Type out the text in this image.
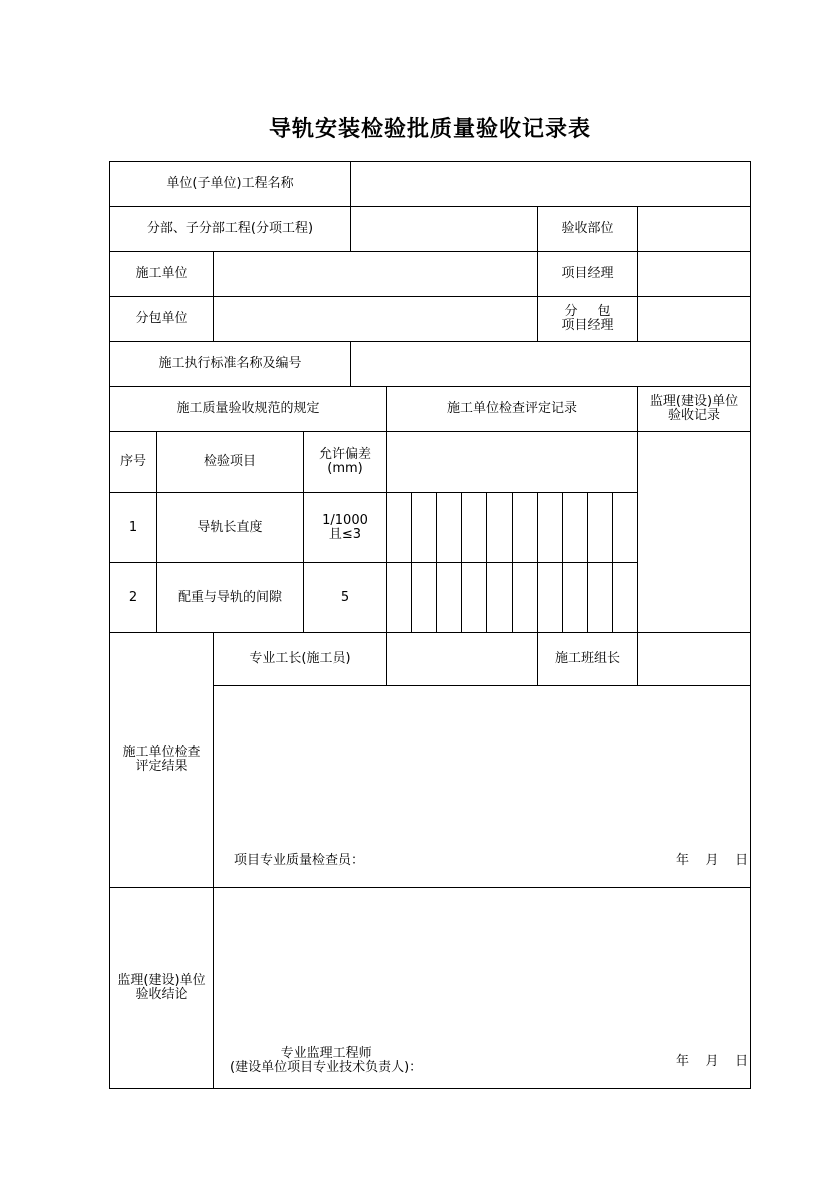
导轨安装检验批质量验收记录表
单位(子单位)工程名称
分部、子分部工程(分项工程)	验收部位
施工单位	项目经理
分包单位	分 包
项目经理
施工执行标准名称及编号
施工质量验收规范的规定	施工单位检查评定记录	监理(建设)单位
验收记录
序号	检验项目	允许偏差
(mm)
1	导轨长直度	1/1000
且≤3
2	配重与导轨的间隙	5
施工单位检查
评定结果
专业工长(施工员)	施工班组长
项目专业质量检查员：	年 月 日
监理(建设)单位
验收结论
专业监理工程师
(建设单位项目专业技术负责人)：	年 月 日
